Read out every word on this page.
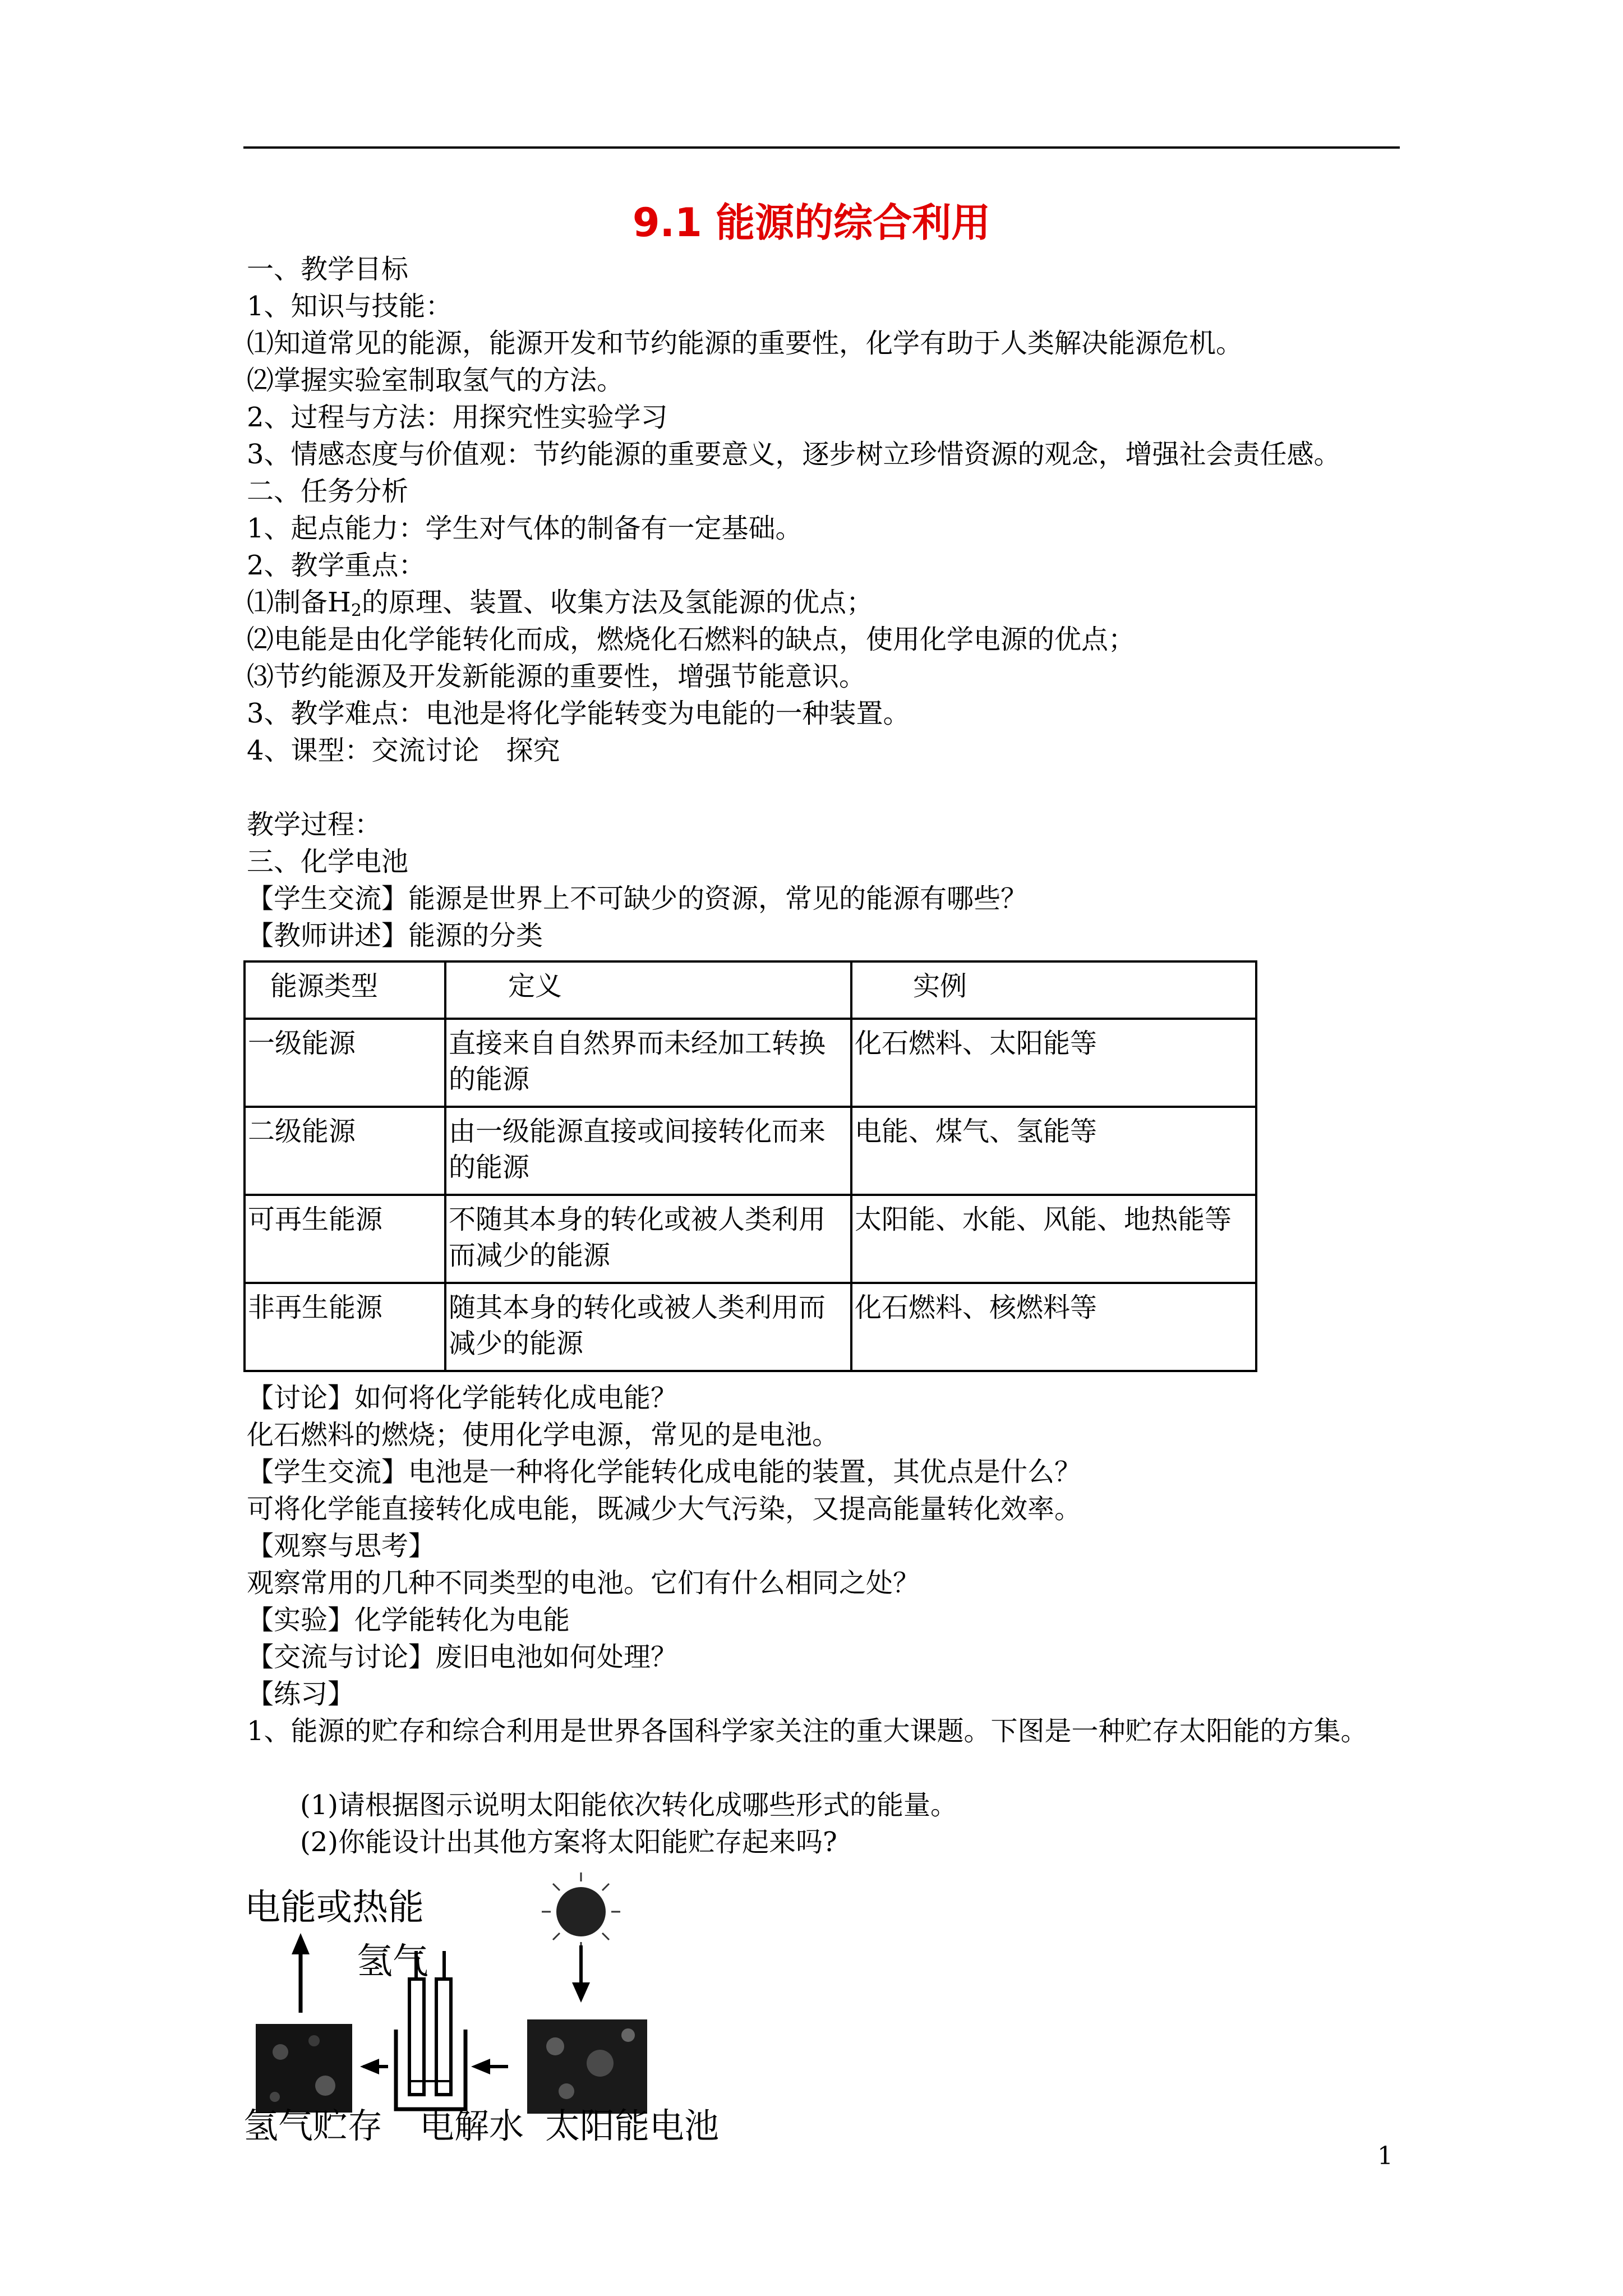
9.1 能源的综合利用

一、教学目标

1、知识与技能：

⑴知道常见的能源，能源开发和节约能源的重要性，化学有助于人类解决能源危机。

⑵掌握实验室制取氢气的方法。

2、过程与方法：用探究性实验学习

3、情感态度与价值观：节约能源的重要意义，逐步树立珍惜资源的观念，增强社会责任感。

二、任务分析

1、起点能力：学生对气体的制备有一定基础。

2、教学重点：

⑴制备$H_2$的原理、装置、收集方法及氢能源的优点；

⑵电能是由化学能转化而成，燃烧化石燃料的缺点，使用化学电源的优点；

⑶节约能源及开发新能源的重要性，增强节能意识。

3、教学难点：电池是将化学能转变为电能的一种装置。

4、课型：交流讨论　探究

教学过程：

三、化学电池

【学生交流】能源是世界上不可缺少的资源，常见的能源有哪些？

【教师讲述】能源的分类

能源类型	定义	实例
一级能源	直接来自自然界而未经加工转换的能源	化石燃料、太阳能等
二级能源	由一级能源直接或间接转化而来的能源	电能、煤气、氢能等
可再生能源	不随其本身的转化或被人类利用而减少的能源	太阳能、水能、风能、地热能等
非再生能源	随其本身的转化或被人类利用而减少的能源	化石燃料、核燃料等

【讨论】如何将化学能转化成电能？

化石燃料的燃烧；使用化学电源，常见的是电池。

【学生交流】电池是一种将化学能转化成电能的装置，其优点是什么？

可将化学能直接转化成电能，既减少大气污染，又提高能量转化效率。

【观察与思考】

观察常用的几种不同类型的电池。它们有什么相同之处？

【实验】化学能转化为电能

【交流与讨论】废旧电池如何处理？

【练习】

1、能源的贮存和综合利用是世界各国科学家关注的重大课题。下图是一种贮存太阳能的方集。

(1)请根据图示说明太阳能依次转化成哪些形式的能量。

(2)你能设计出其他方案将太阳能贮存起来吗?

电能或热能
氢气

氢气贮存 电解水 太阳能电池

1
